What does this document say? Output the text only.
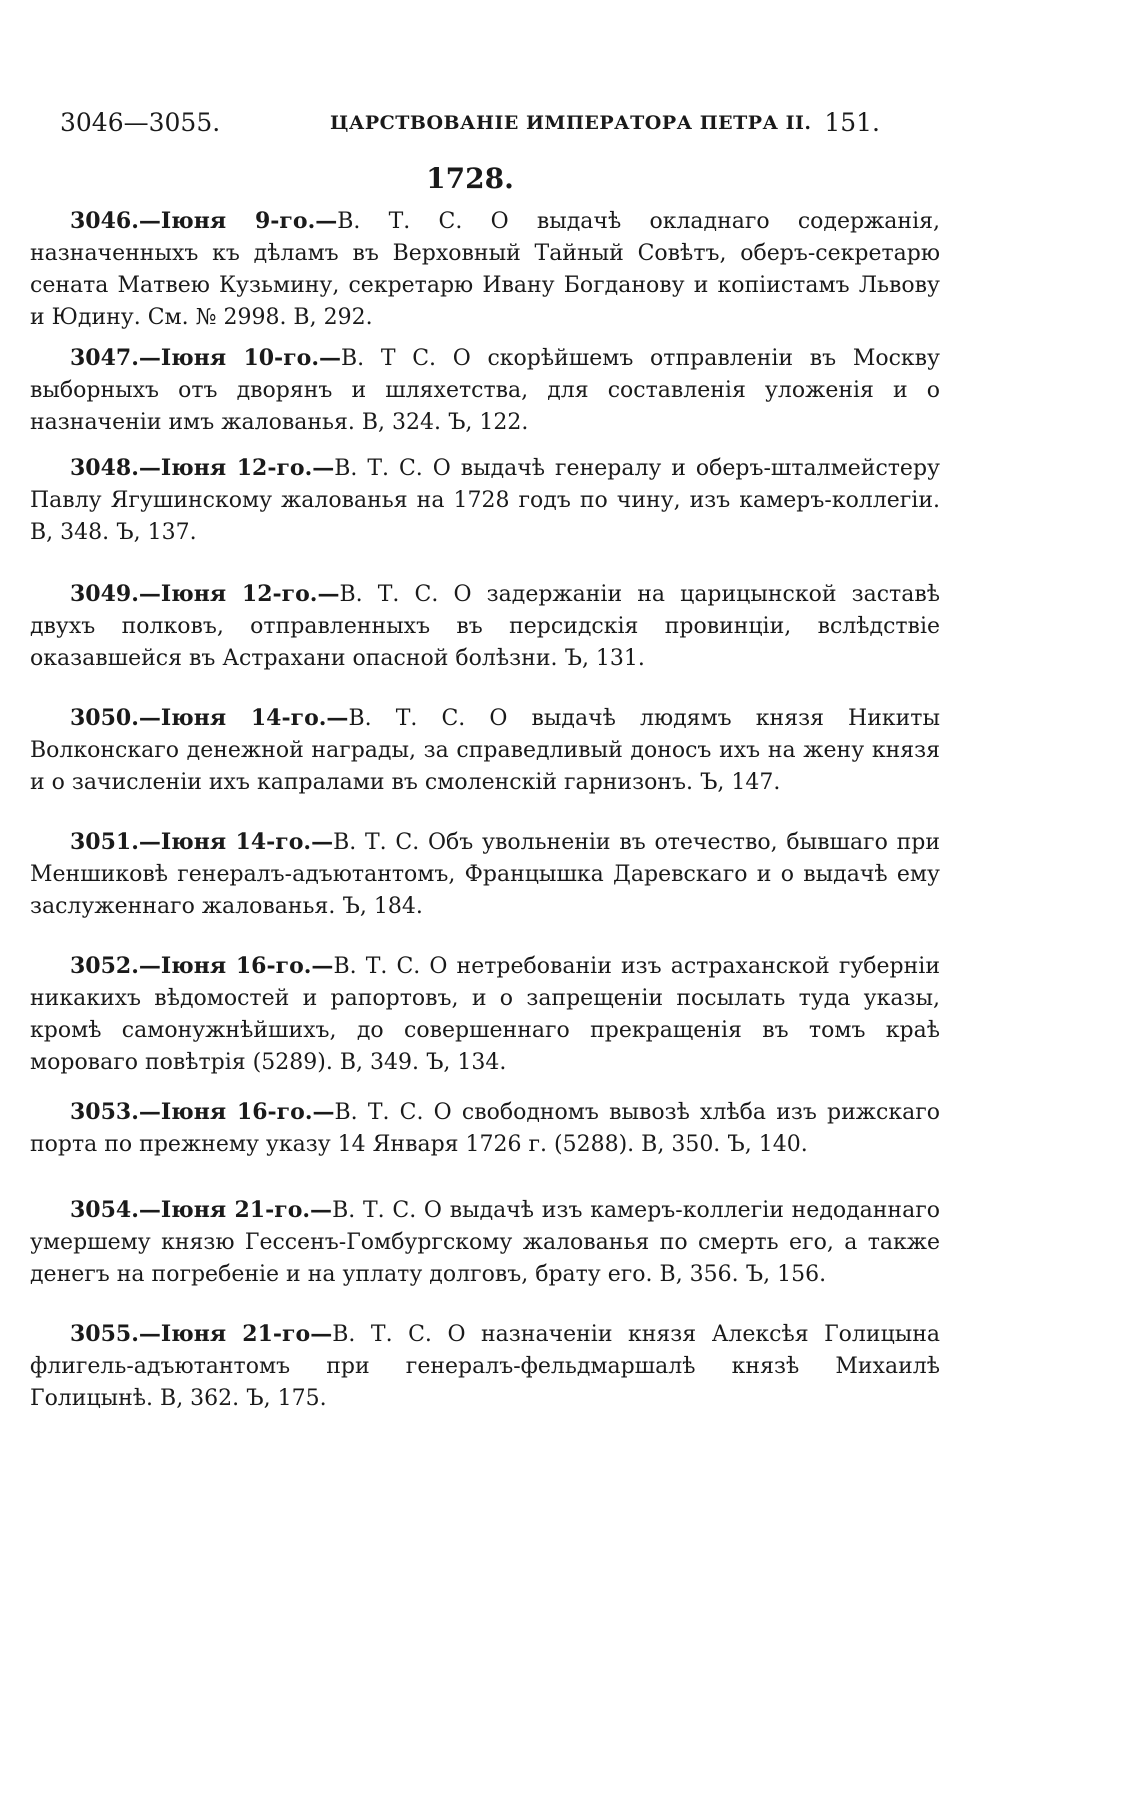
3046—3055.	ЦАРСТВОВАНІЕ ИМПЕРАТОРА ПЕТРА II. 151.
1728.

3046.—Іюня 9-го.—В. Т. С. О выдачѣ окладнаго содержанія, назначенныхъ къ дѣламъ въ Верховный Тайный Совѣтъ, оберъ-секретарю сената Матвею Кузьмину, секретарю Ивану Богданову и копіистамъ Львову и Юдину. См. № 2998. В, 292.

3047.—Іюня 10-го.—В. Т С. О скорѣйшемъ отправленіи въ Москву выборныхъ отъ дворянъ и шляхетства, для составленія уложенія и о назначеніи имъ жалованья. В, 324. Ъ, 122.

3048.—Іюня 12-го.—В. Т. С. О выдачѣ генералу и оберъ-шталмейстеру Павлу Ягушинскому жалованья на 1728 годъ по чину, изъ камеръ-коллегіи. В, 348. Ъ, 137.

3049.—Іюня 12-го.—В. Т. С. О задержаніи на царицынской заставѣ двухъ полковъ, отправленныхъ въ персидскія провинціи, вслѣдствіе оказавшейся въ Астрахани опасной болѣзни. Ъ, 131.

3050.—Іюня 14-го.—В. Т. С. О выдачѣ людямъ князя Никиты Волконскаго денежной награды, за справедливый доносъ ихъ на жену князя и о зачисленіи ихъ капралами въ смоленскій гарнизонъ. Ъ, 147.

3051.—Іюня 14-го.—В. Т. С. Объ увольненіи въ отечество, бывшаго при Меншиковѣ генералъ-адъютантомъ, Францышка Даревскаго и о выдачѣ ему заслуженнаго жалованья. Ъ, 184.

3052.—Іюня 16-го.—В. Т. С. О нетребованіи изъ астраханской губерніи никакихъ вѣдомостей и рапортовъ, и о запрещеніи посылать туда указы, кромѣ самонужнѣйшихъ, до совершеннаго прекращенія въ томъ краѣ мороваго повѣтрія (5289). В, 349. Ъ, 134.

3053.—Іюня 16-го.—В. Т. С. О свободномъ вывозѣ хлѣба изъ рижскаго порта по прежнему указу 14 Января 1726 г. (5288). В, 350. Ъ, 140.

3054.—Іюня 21-го.—В. Т. С. О выдачѣ изъ камеръ-коллегіи недоданнаго умершему князю Гессенъ-Гомбургскому жалованья по смерть его, а также денегъ на погребеніе и на уплату долговъ, брату его. В, 356. Ъ, 156.

3055.—Іюня 21-го—В. Т. С. О назначеніи князя Алексѣя Голицына флигель-адъютантомъ при генералъ-фельдмаршалѣ князѣ Михаилѣ Голицынѣ. В, 362. Ъ, 175.
